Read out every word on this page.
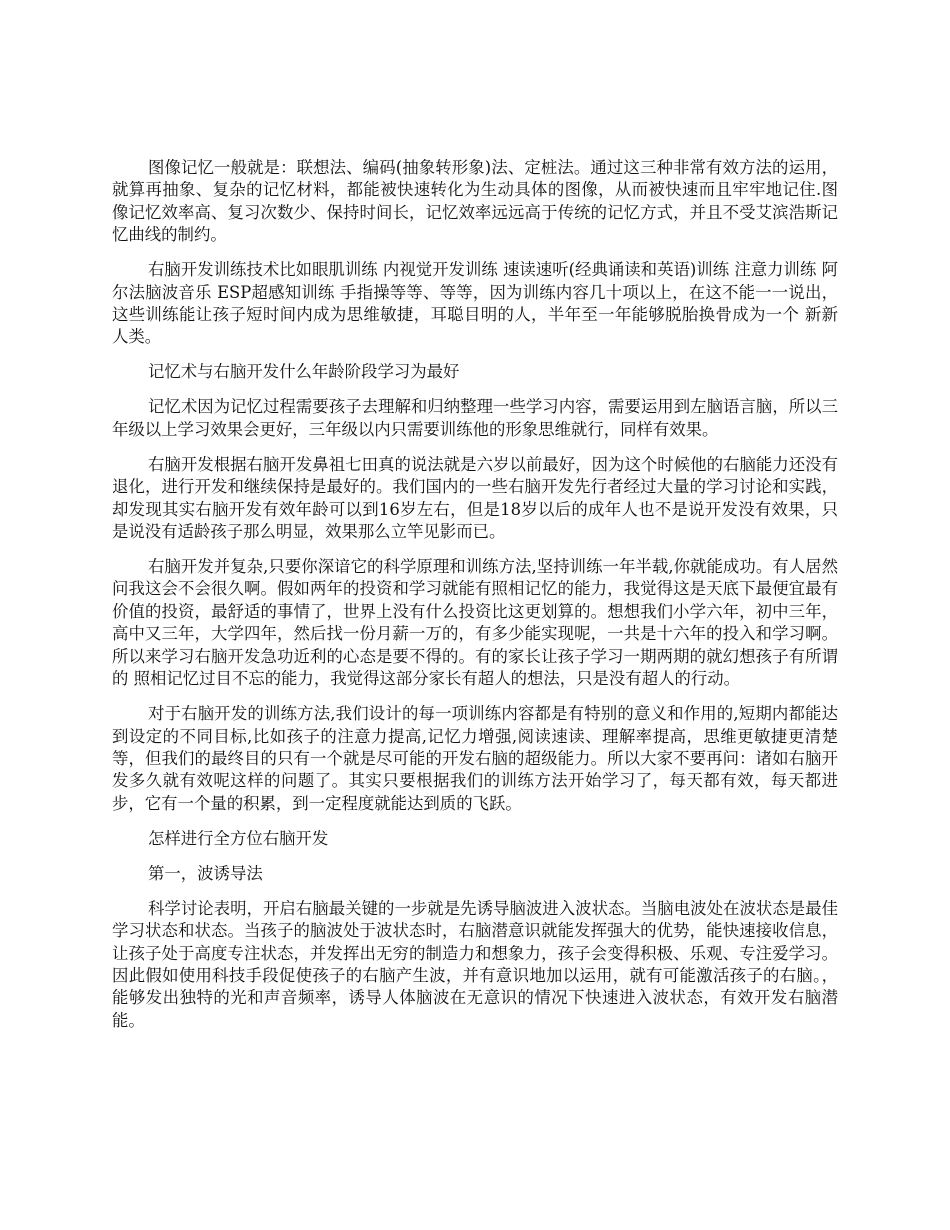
图像记忆一般就是：联想法、编码(抽象转形象)法、定桩法。通过这三种非常有效方法的运用，就算再抽象、复杂的记忆材料，都能被快速转化为生动具体的图像，从而被快速而且牢牢地记住.图像记忆效率高、复习次数少、保持时间长，记忆效率远远高于传统的记忆方式，并且不受艾滨浩斯记忆曲线的制约。

右脑开发训练技术比如眼肌训练 内视觉开发训练 速读速听(经典诵读和英语)训练 注意力训练 阿尔法脑波音乐 ESP超感知训练 手指操等等、等等，因为训练内容几十项以上，在这不能一一说出，这些训练能让孩子短时间内成为思维敏捷，耳聪目明的人，半年至一年能够脱胎换骨成为一个 新新人类。

记忆术与右脑开发什么年龄阶段学习为最好

记忆术因为记忆过程需要孩子去理解和归纳整理一些学习内容，需要运用到左脑语言脑，所以三年级以上学习效果会更好，三年级以内只需要训练他的形象思维就行，同样有效果。

右脑开发根据右脑开发鼻祖七田真的说法就是六岁以前最好，因为这个时候他的右脑能力还没有退化，进行开发和继续保持是最好的。我们国内的一些右脑开发先行者经过大量的学习讨论和实践，却发现其实右脑开发有效年龄可以到16岁左右，但是18岁以后的成年人也不是说开发没有效果，只是说没有适龄孩子那么明显，效果那么立竿见影而已。

右脑开发并复杂,只要你深谙它的科学原理和训练方法,坚持训练一年半载,你就能成功。有人居然问我这会不会很久啊。假如两年的投资和学习就能有照相记忆的能力，我觉得这是天底下最便宜最有价值的投资，最舒适的事情了，世界上没有什么投资比这更划算的。想想我们小学六年，初中三年，高中又三年，大学四年，然后找一份月薪一万的，有多少能实现呢，一共是十六年的投入和学习啊。所以来学习右脑开发急功近利的心态是要不得的。有的家长让孩子学习一期两期的就幻想孩子有所谓的 照相记忆过目不忘的能力，我觉得这部分家长有超人的想法，只是没有超人的行动。

对于右脑开发的训练方法,我们设计的每一项训练内容都是有特别的意义和作用的,短期内都能达到设定的不同目标,比如孩子的注意力提高,记忆力增强,阅读速读、理解率提高，思维更敏捷更清楚等，但我们的最终目的只有一个就是尽可能的开发右脑的超级能力。所以大家不要再问：诸如右脑开发多久就有效呢这样的问题了。其实只要根据我们的训练方法开始学习了，每天都有效，每天都进步，它有一个量的积累，到一定程度就能达到质的飞跃。

怎样进行全方位右脑开发

第一，波诱导法

科学讨论表明，开启右脑最关键的一步就是先诱导脑波进入波状态。当脑电波处在波状态是最佳学习状态和状态。当孩子的脑波处于波状态时，右脑潜意识就能发挥强大的优势，能快速接收信息，让孩子处于高度专注状态，并发挥出无穷的制造力和想象力，孩子会变得积极、乐观、专注爱学习。因此假如使用科技手段促使孩子的右脑产生波，并有意识地加以运用，就有可能激活孩子的右脑。，能够发出独特的光和声音频率，诱导人体脑波在无意识的情况下快速进入波状态，有效开发右脑潜能。
